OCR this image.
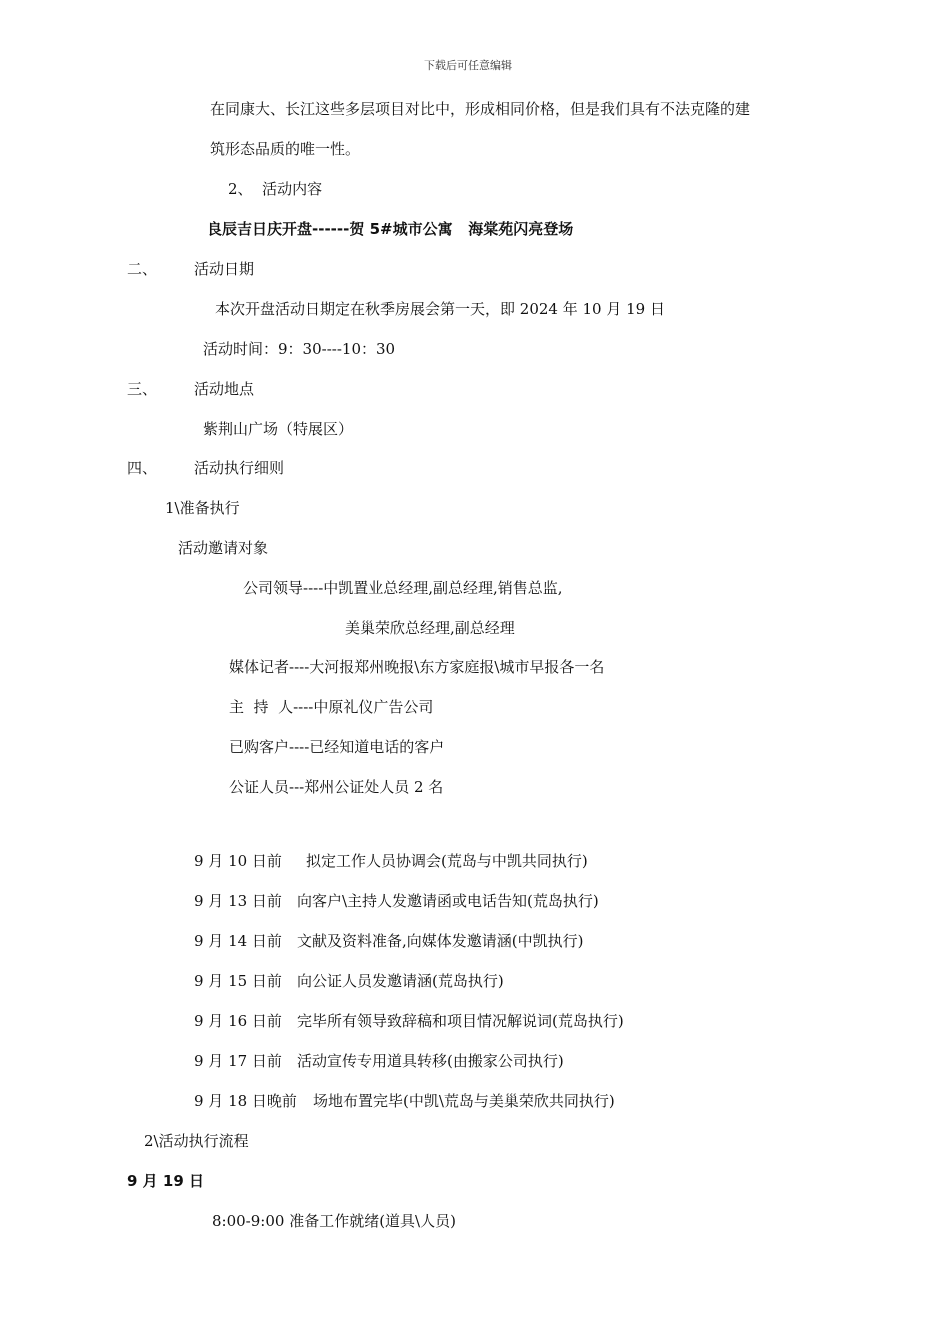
下载后可任意编辑
在同康大、长江这些多层项目对比中，形成相同价格，但是我们具有不法克隆的建
筑形态品质的唯一性。
2、  活动内容
良辰吉日庆开盘------贺 5#城市公寓   海棠苑闪亮登场
二、 活动日期
本次开盘活动日期定在秋季房展会第一天，即 2024 年 10 月 19 日
活动时间：9：30----10：30
三、 活动地点
紫荆山广场（特展区）
四、 活动执行细则
1\准备执行
活动邀请对象
公司领导----中凯置业总经理,副总经理,销售总监,
美巢荣欣总经理,副总经理
媒体记者----大河报郑州晚报\东方家庭报\城市早报各一名
主  持  人----中原礼仪广告公司
已购客户----已经知道电话的客户
公证人员---郑州公证处人员 2 名
9 月 10 日前 拟定工作人员协调会(荒岛与中凯共同执行)
9 月 13 日前 向客户\主持人发邀请函或电话告知(荒岛执行)
9 月 14 日前 文献及资料准备,向媒体发邀请涵(中凯执行)
9 月 15 日前 向公证人员发邀请涵(荒岛执行)
9 月 16 日前 完毕所有领导致辞稿和项目情况解说词(荒岛执行)
9 月 17 日前 活动宣传专用道具转移(由搬家公司执行)
9 月 18 日晚前 场地布置完毕(中凯\荒岛与美巢荣欣共同执行)
2\活动执行流程
9 月 19 日
8:00-9:00 准备工作就绪(道具\人员)
